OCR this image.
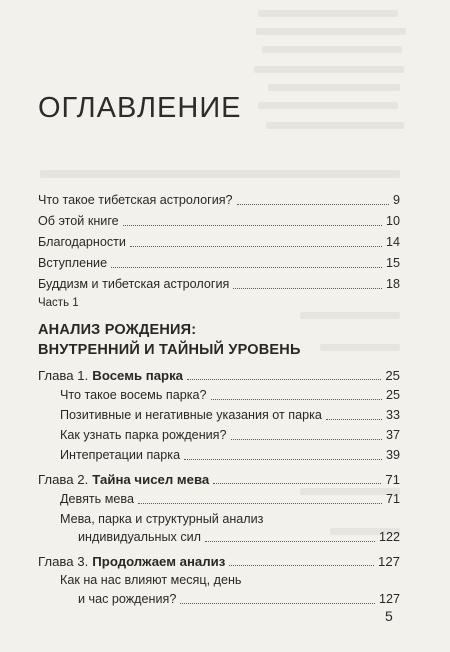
ОГЛАВЛЕНИЕ
Что такое тибетская астрология?	9
Об этой книге	10
Благодарности	14
Вступление	15
Буддизм и тибетская астрология	18
Часть 1
АНАЛИЗ РОЖДЕНИЯ:
ВНУТРЕННИЙ И ТАЙНЫЙ УРОВЕНЬ
Глава 1. Восемь парка	25
Что такое восемь парка?	25
Позитивные и негативные указания от парка	33
Как узнать парка рождения?	37
Интепретации парка	39
Глава 2. Тайна чисел мева	71
Девять мева	71
Мева, парка и структурный анализ
индивидуальных сил	122
Глава 3. Продолжаем анализ	127
Как на нас влияют месяц, день
и час рождения?	127
5
